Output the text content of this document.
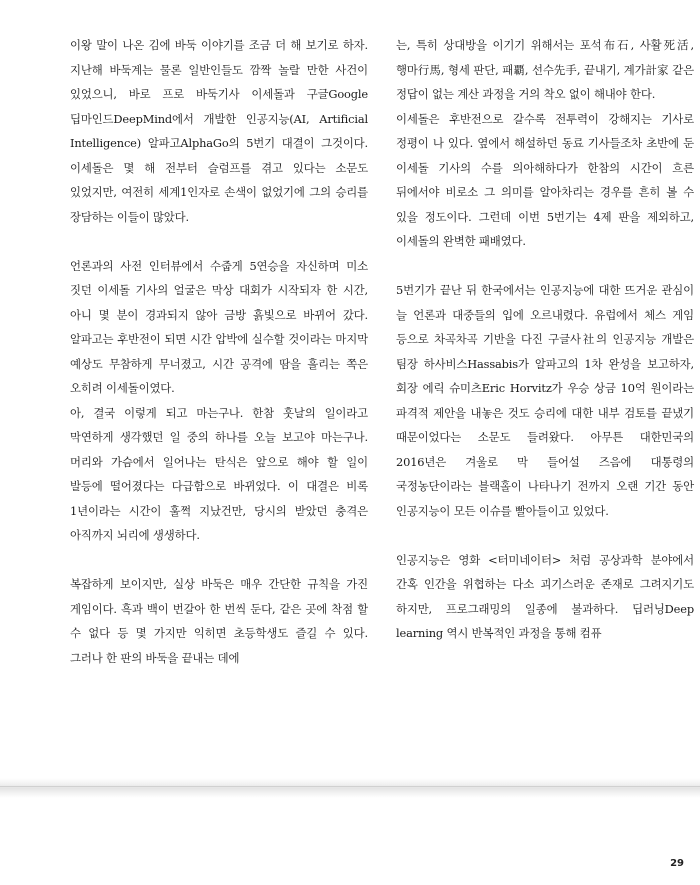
이왕 말이 나온 김에 바둑 이야기를 조금 더 해 보기로 하자. 지난해 바둑계는 물론 일반인들도 깜짝 놀랄 만한 사건이 있었으니, 바로 프로 바둑기사 이세돌과 구글Google 딥마인드DeepMind에서 개발한 인공지능(AI, Artificial Intelligence) 알파고AlphaGo의 5번기 대결이 그것이다. 이세돌은 몇 해 전부터 슬럼프를 겪고 있다는 소문도 있었지만, 여전히 세계1인자로 손색이 없었기에 그의 승리를 장담하는 이들이 많았다.

언론과의 사전 인터뷰에서 수줍게 5연승을 자신하며 미소 짓던 이세돌 기사의 얼굴은 막상 대회가 시작되자 한 시간, 아니 몇 분이 경과되지 않아 금방 흙빛으로 바뀌어 갔다. 알파고는 후반전이 되면 시간 압박에 실수할 것이라는 마지막 예상도 무참하게 무너졌고, 시간 공격에 땀을 흘리는 쪽은 오히려 이세돌이였다.

아, 결국 이렇게 되고 마는구나. 한참 훗날의 일이라고 막연하게 생각했던 일 중의 하나를 오늘 보고야 마는구나. 머리와 가슴에서 일어나는 탄식은 앞으로 해야 할 일이 발등에 떨어졌다는 다급함으로 바뀌었다. 이 대결은 비록 1년이라는 시간이 훌쩍 지났건만, 당시의 받았던 충격은 아직까지 뇌리에 생생하다.

복잡하게 보이지만, 실상 바둑은 매우 간단한 규칙을 가진 게임이다. 흑과 백이 번갈아 한 번씩 둔다, 같은 곳에 착점 할 수 없다 등 몇 가지만 익히면 초등학생도 즐길 수 있다. 그러나 한 판의 바둑을 끝내는 데에

는, 특히 상대방을 이기기 위해서는 포석布石, 사활死活, 행마行馬, 형세 판단, 패覇, 선수先手, 끝내기, 계가計家 같은 정답이 없는 계산 과정을 거의 착오 없이 해내야 한다.

이세돌은 후반전으로 갈수록 전투력이 강해지는 기사로 정평이 나 있다. 옆에서 해설하던 동료 기사들조차 초반에 둔 이세돌 기사의 수를 의아해하다가 한참의 시간이 흐른 뒤에서야 비로소 그 의미를 알아차리는 경우를 흔히 볼 수 있을 정도이다. 그런데 이번 5번기는 4제 판을 제외하고, 이세돌의 완벽한 패배였다.

5번기가 끝난 뒤 한국에서는 인공지능에 대한 뜨거운 관심이 늘 언론과 대중들의 입에 오르내렸다. 유럽에서 체스 게임 등으로 차곡차곡 기반을 다진 구글사社의 인공지능 개발은 팀장 하사비스Hassabis가 알파고의 1차 완성을 보고하자, 회장 에릭 슈미츠Eric Horvitz가 우승 상금 10억 원이라는 파격적 제안을 내놓은 것도 승리에 대한 내부 검토를 끝냈기 때문이었다는 소문도 들려왔다. 아무튼 대한민국의 2016년은 겨울로 막 들어설 즈음에 대통령의 국정농단이라는 블랙홀이 나타나기 전까지 오랜 기간 동안 인공지능이 모든 이슈를 빨아들이고 있었다.

인공지능은 영화 <터미네이터> 처럼 공상과학 분야에서 간혹 인간을 위협하는 다소 괴기스러운 존재로 그려지기도 하지만, 프로그래밍의 일종에 불과하다. 딥러닝Deep learning 역시 반복적인 과정을 통해 컴퓨

29
